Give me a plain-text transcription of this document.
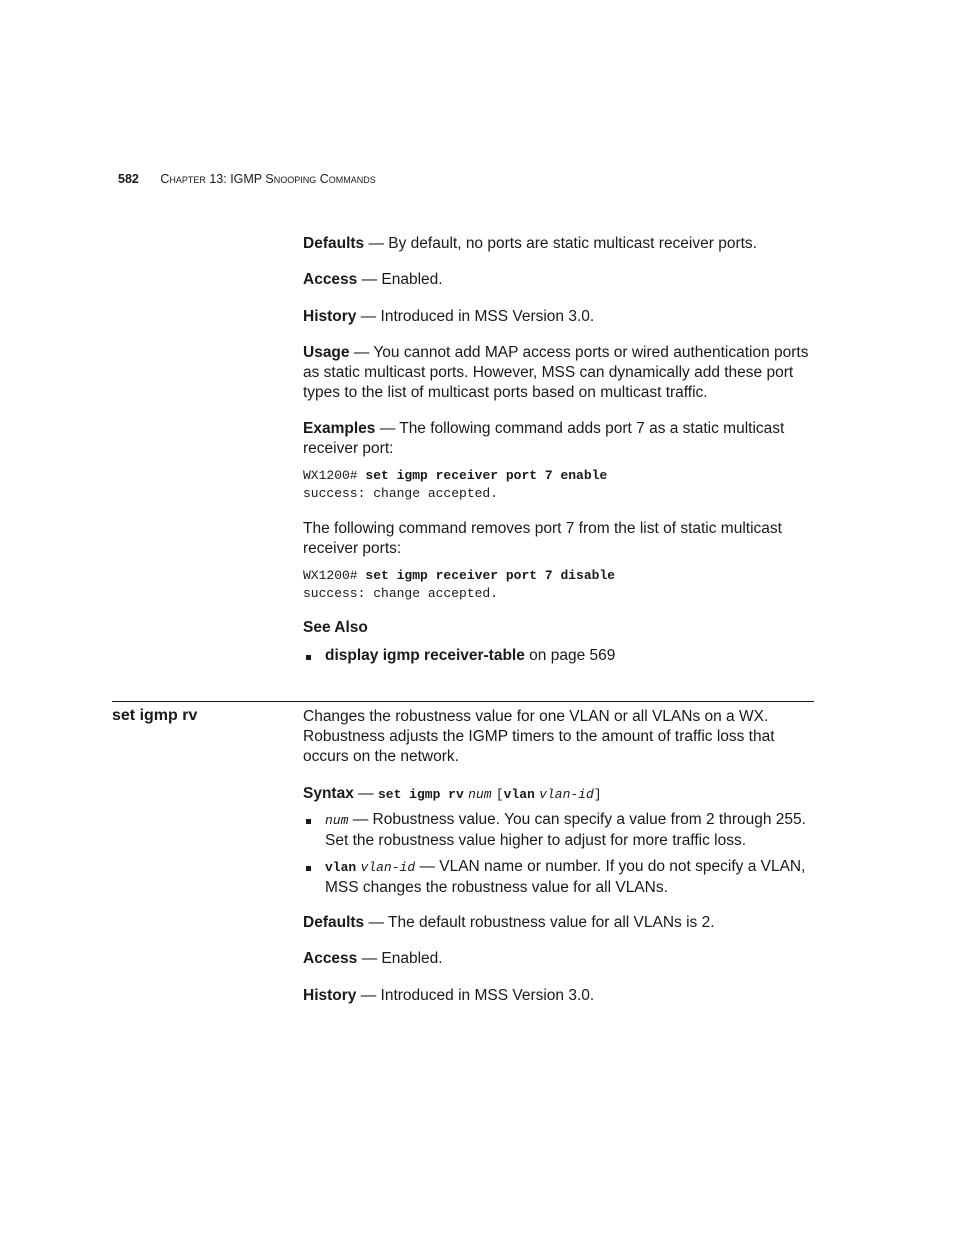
582 Chapter 13: IGMP Snooping Commands
Defaults — By default, no ports are static multicast receiver ports.
Access — Enabled.
History — Introduced in MSS Version 3.0.
Usage — You cannot add MAP access ports or wired authentication ports as static multicast ports. However, MSS can dynamically add these port types to the list of multicast ports based on multicast traffic.
Examples — The following command adds port 7 as a static multicast receiver port:
WX1200# set igmp receiver port 7 enable
success: change accepted.
The following command removes port 7 from the list of static multicast receiver ports:
WX1200# set igmp receiver port 7 disable
success: change accepted.
See Also
display igmp receiver-table on page 569
set igmp rv	Changes the robustness value for one VLAN or all VLANs on a WX. Robustness adjusts the IGMP timers to the amount of traffic loss that occurs on the network.
Syntax — set igmp rv num [vlan vlan-id]
num — Robustness value. You can specify a value from 2 through 255. Set the robustness value higher to adjust for more traffic loss.
vlan vlan-id — VLAN name or number. If you do not specify a VLAN, MSS changes the robustness value for all VLANs.
Defaults — The default robustness value for all VLANs is 2.
Access — Enabled.
History — Introduced in MSS Version 3.0.
